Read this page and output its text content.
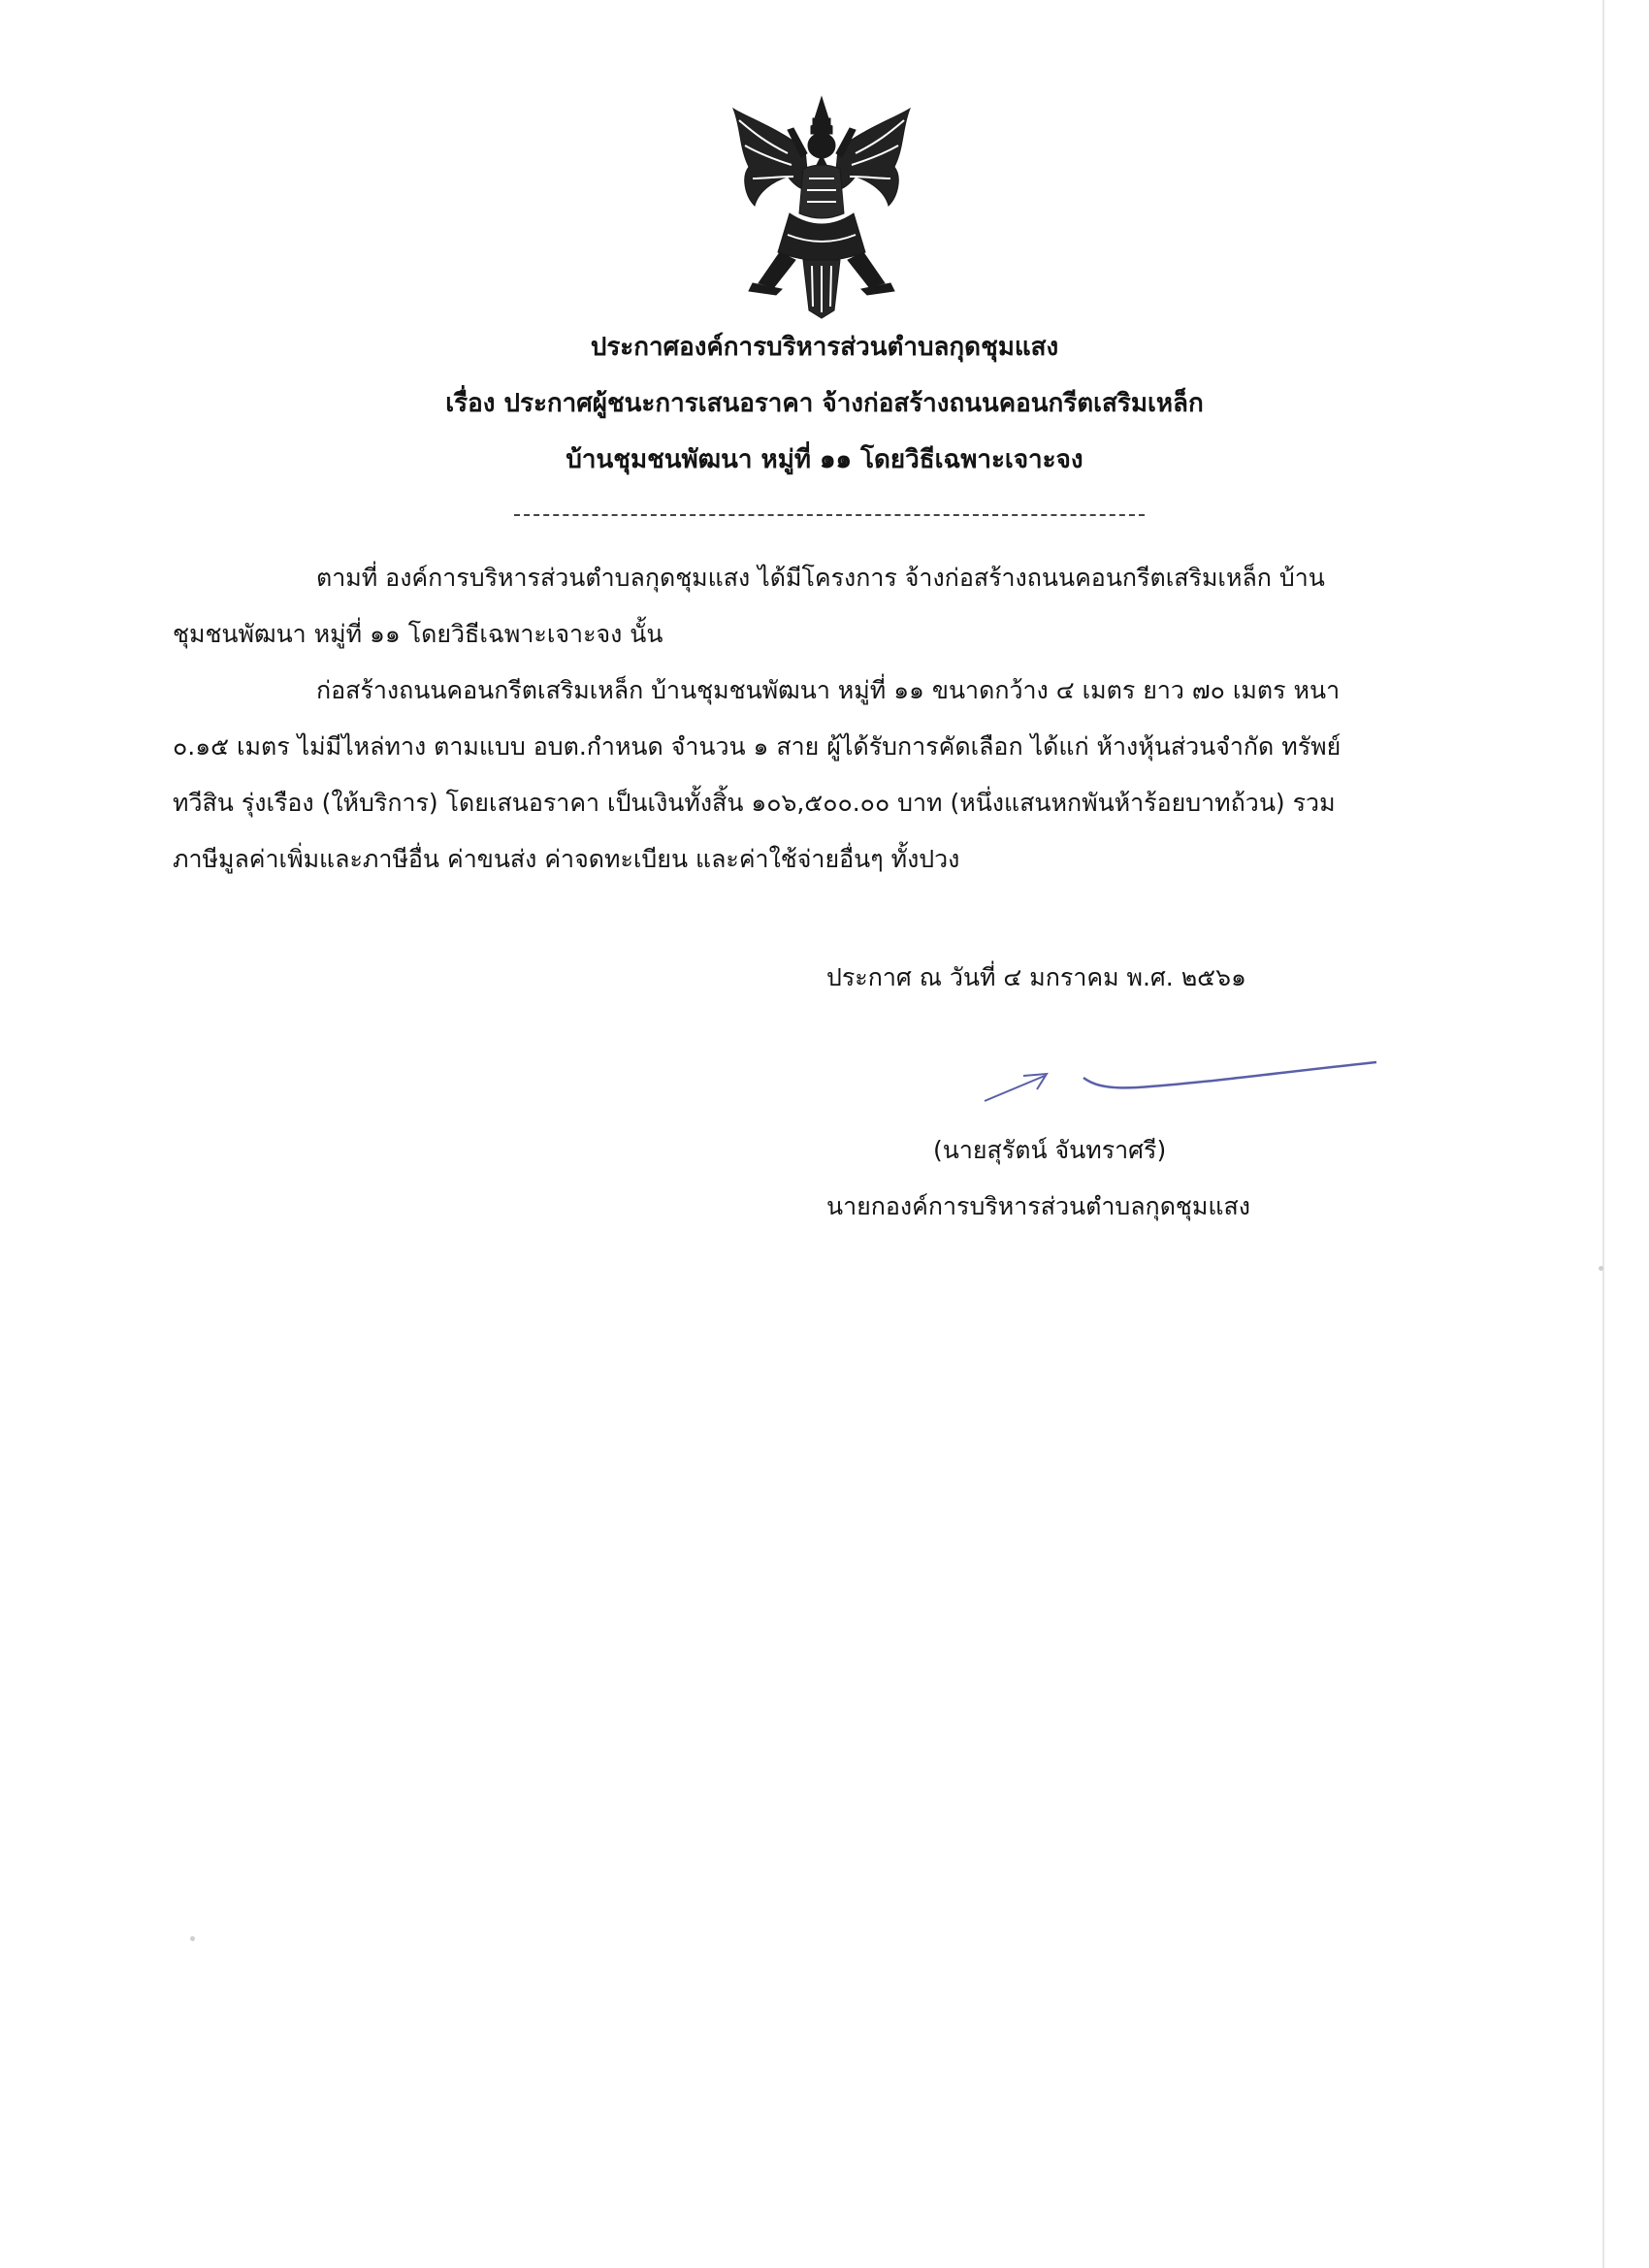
ประกาศองค์การบริหารส่วนตำบลกุดชุมแสง
เรื่อง ประกาศผู้ชนะการเสนอราคา จ้างก่อสร้างถนนคอนกรีตเสริมเหล็ก
บ้านชุมชนพัฒนา หมู่ที่ ๑๑ โดยวิธีเฉพาะเจาะจง
ตามที่ องค์การบริหารส่วนตำบลกุดชุมแสง ได้มีโครงการ จ้างก่อสร้างถนนคอนกรีตเสริมเหล็ก บ้าน
ชุมชนพัฒนา หมู่ที่ ๑๑ โดยวิธีเฉพาะเจาะจง นั้น
ก่อสร้างถนนคอนกรีตเสริมเหล็ก บ้านชุมชนพัฒนา หมู่ที่ ๑๑ ขนาดกว้าง ๔ เมตร ยาว ๗๐ เมตร หนา
๐.๑๕ เมตร ไม่มีไหล่ทาง ตามแบบ อบต.กำหนด จำนวน ๑ สาย ผู้ได้รับการคัดเลือก ได้แก่ ห้างหุ้นส่วนจำกัด ทรัพย์
ทวีสิน รุ่งเรือง (ให้บริการ) โดยเสนอราคา เป็นเงินทั้งสิ้น ๑๐๖,๕๐๐.๐๐ บาท (หนึ่งแสนหกพันห้าร้อยบาทถ้วน) รวม
ภาษีมูลค่าเพิ่มและภาษีอื่น ค่าขนส่ง ค่าจดทะเบียน และค่าใช้จ่ายอื่นๆ ทั้งปวง
ประกาศ ณ วันที่ ๔ มกราคม พ.ศ. ๒๕๖๑
(นายสุรัตน์ จันทราศรี)
นายกองค์การบริหารส่วนตำบลกุดชุมแสง
